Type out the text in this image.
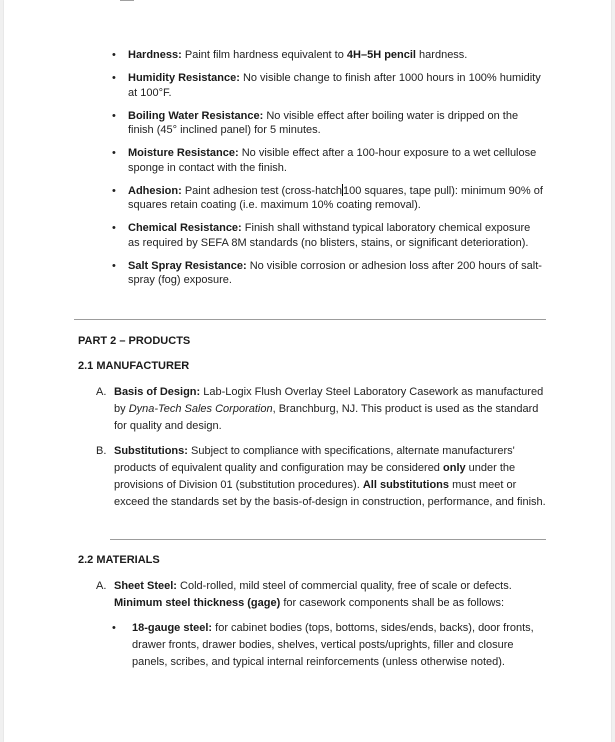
• Hardness: Paint film hardness equivalent to 4H–5H pencil hardness.
• Humidity Resistance: No visible change to finish after 1000 hours in 100% humidity at 100°F.
• Boiling Water Resistance: No visible effect after boiling water is dripped on the finish (45° inclined panel) for 5 minutes.
• Moisture Resistance: No visible effect after a 100-hour exposure to a wet cellulose sponge in contact with the finish.
• Adhesion: Paint adhesion test (cross-hatch100 squares, tape pull): minimum 90% of squares retain coating (i.e. maximum 10% coating removal).
• Chemical Resistance: Finish shall withstand typical laboratory chemical exposure as required by SEFA 8M standards (no blisters, stains, or significant deterioration).
• Salt Spray Resistance: No visible corrosion or adhesion loss after 200 hours of salt-spray (fog) exposure.
PART 2 – PRODUCTS
2.1 MANUFACTURER
A. Basis of Design: Lab-Logix Flush Overlay Steel Laboratory Casework as manufactured by Dyna-Tech Sales Corporation, Branchburg, NJ. This product is used as the standard for quality and design.
B. Substitutions: Subject to compliance with specifications, alternate manufacturers' products of equivalent quality and configuration may be considered only under the provisions of Division 01 (substitution procedures). All substitutions must meet or exceed the standards set by the basis-of-design in construction, performance, and finish.
2.2 MATERIALS
A. Sheet Steel: Cold-rolled, mild steel of commercial quality, free of scale or defects.
Minimum steel thickness (gage) for casework components shall be as follows:
• 18-gauge steel: for cabinet bodies (tops, bottoms, sides/ends, backs), door fronts, drawer fronts, drawer bodies, shelves, vertical posts/uprights, filler and closure panels, scribes, and typical internal reinforcements (unless otherwise noted).
